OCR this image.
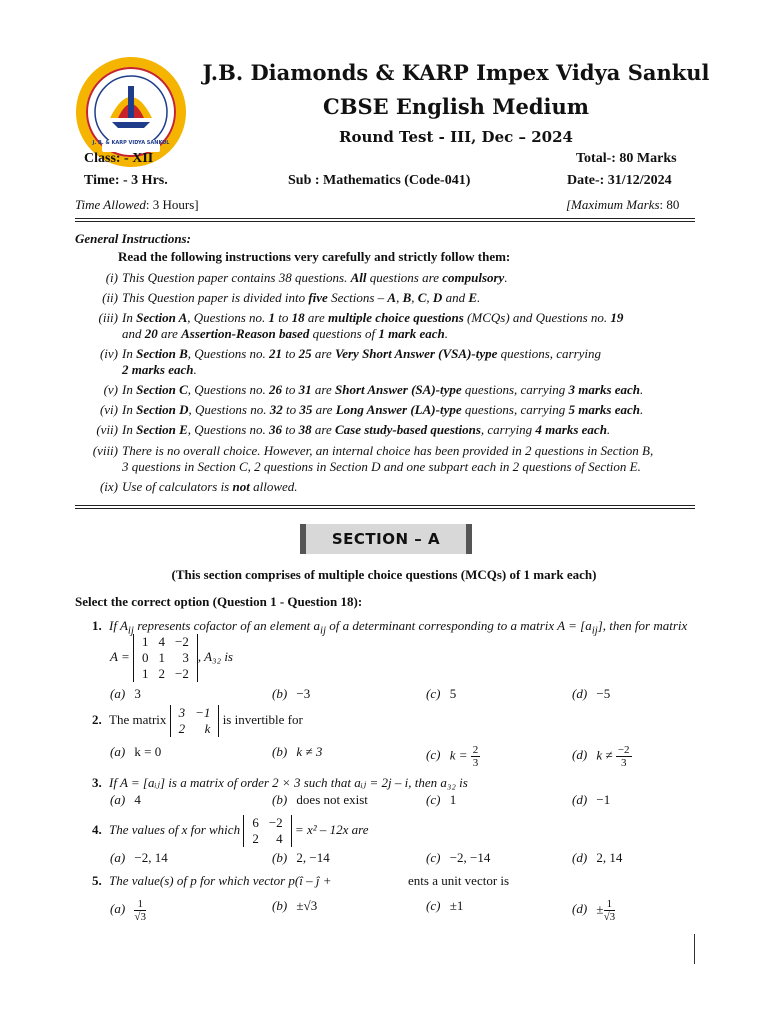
J. B. & KARP VIDYA SANKUL
J.B. Diamonds & KARP Impex Vidya Sankul
CBSE English Medium
Round Test - III, Dec – 2024
Class: - XII	Total-: 80 Marks
Time: - 3 Hrs.	Sub : Mathematics (Code-041)	Date-: 31/12/2024
Time Allowed: 3 Hours]	[Maximum Marks: 80
General Instructions:
Read the following instructions very carefully and strictly follow them:
(i) This Question paper contains 38 questions. All questions are compulsory.
(ii) This Question paper is divided into five Sections – A, B, C, D and E.
(iii) In Section A, Questions no. 1 to 18 are multiple choice questions (MCQs) and Questions no. 19
and 20 are Assertion-Reason based questions of 1 mark each.
(iv) In Section B, Questions no. 21 to 25 are Very Short Answer (VSA)-type questions, carrying
2 marks each.
(v) In Section C, Questions no. 26 to 31 are Short Answer (SA)-type questions, carrying 3 marks each.
(vi) In Section D, Questions no. 32 to 35 are Long Answer (LA)-type questions, carrying 5 marks each.
(vii) In Section E, Questions no. 36 to 38 are Case study-based questions, carrying 4 marks each.
(viii) There is no overall choice. However, an internal choice has been provided in 2 questions in Section B,
3 questions in Section C, 2 questions in Section D and one subpart each in 2 questions of Section E.
(ix) Use of calculators is not allowed.
SECTION – A
(This section comprises of multiple choice questions (MCQs) of 1 mark each)
Select the correct option (Question 1 - Question 18):
1. If $A_{ij}$ represents cofactor of an element $a_{ij}$ of a determinant corresponding to a matrix $A = [a_{ij}]$, then for matrix
A =
1	4	−2
0	1	3
1	2	−2
, A₃₂ is
(a) 3	(b) −3	(c) 5	(d) −5
2. The matrix 3	−1
2	k
is invertible for
(a) k = 0	(b) k ≠ 3	(c) $k = \frac{2}{3}$	(d) $k \ne \frac{-2}{3}$
3. If A = [aᵢⱼ] is a matrix of order 2 × 3 such that aᵢⱼ = 2j – i, then a₃₂ is
(a) 4	(b) does not exist	(c) 1	(d) −1
4. The values of x for which 6	−2
2	4
= x² – 12x are
(a) −2, 14	(b) 2, −14	(c) −2, −14	(d) 2, 14
5. The value(s) of p for which vector p(î – ĵ +	ents a unit vector is
$(a) \frac{1}{√3}$	(b) ±√3	(c) ±1	$(d) \pm \frac{1}{√3}$
